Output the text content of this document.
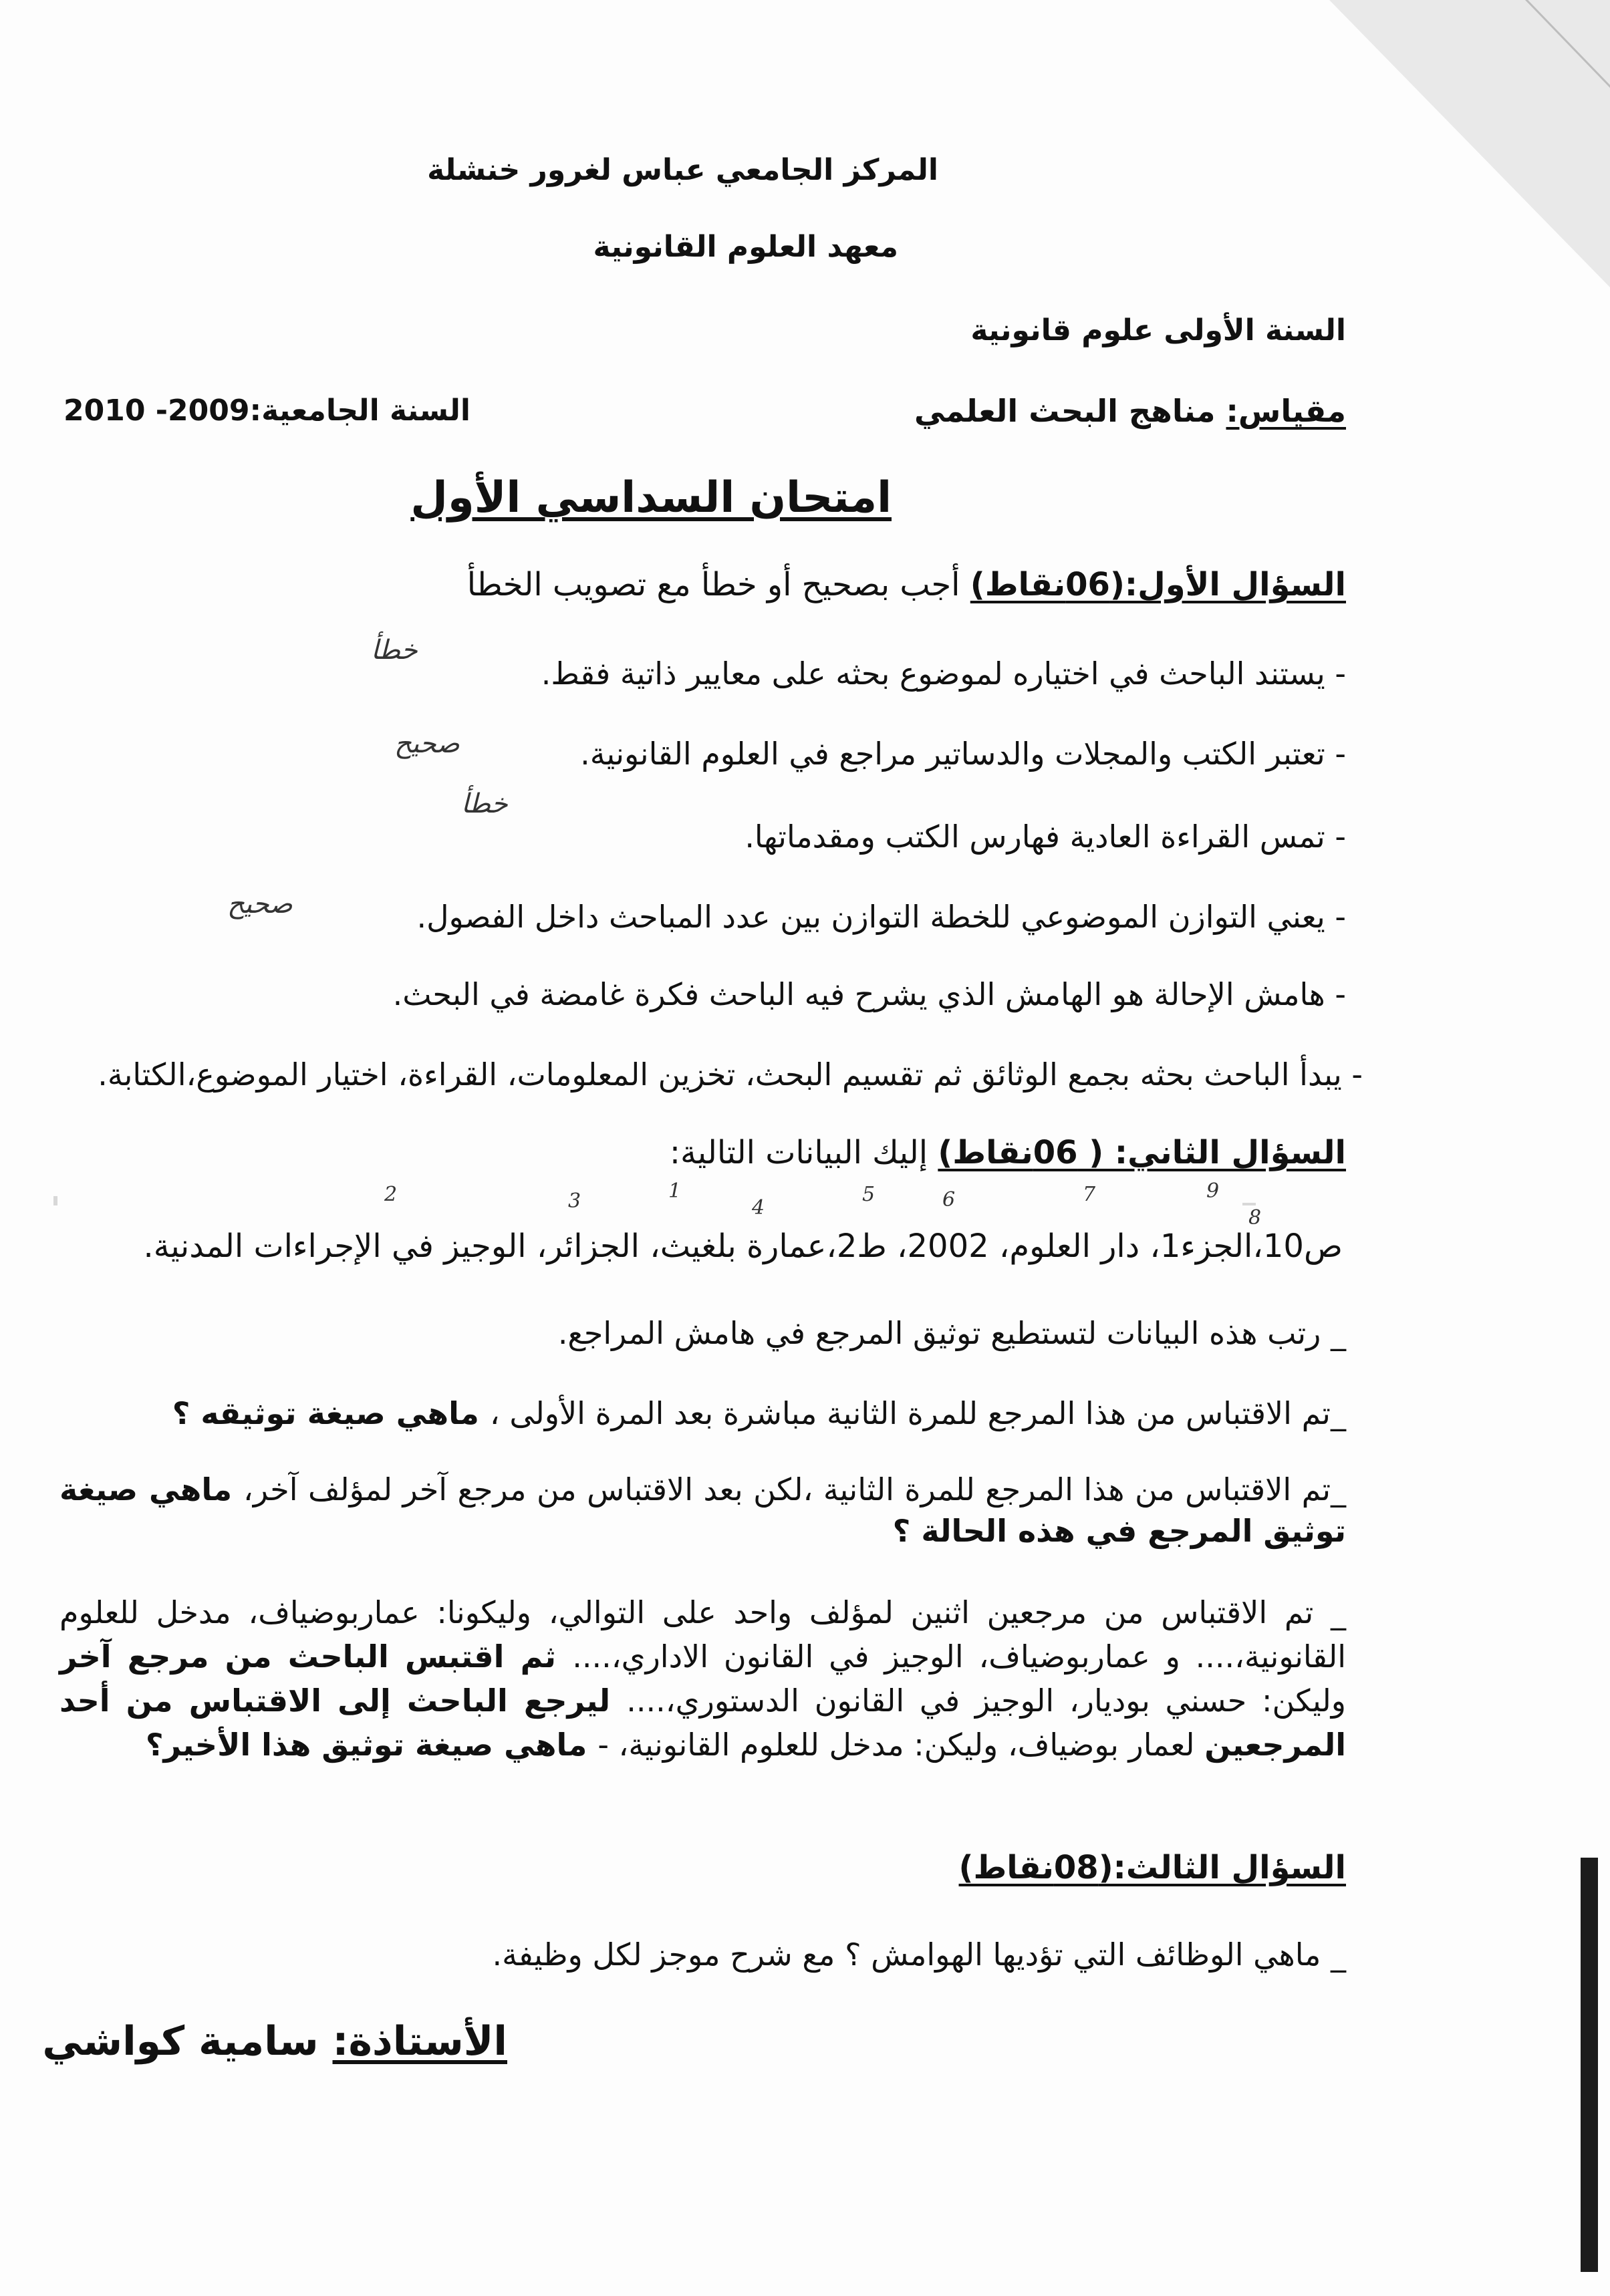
المركز الجامعي عباس لغرور خنشلة
معهد العلوم القانونية
السنة الأولى علوم قانونية
مقياس: مناهج البحث العلمي
السنة الجامعية:2009- 2010
امتحان السداسي الأول
السؤال الأول:(06نقاط) أجب بصحيح أو خطأ مع تصويب الخطأ
- يستند الباحث في اختياره لموضوع بحثه على معايير ذاتية فقط.
خطأ
- تعتبر الكتب والمجلات والدساتير مراجع في العلوم القانونية.
صحيح
- تمس القراءة العادية فهارس الكتب ومقدماتها.
خطأ
- يعني التوازن الموضوعي للخطة التوازن بين عدد المباحث داخل الفصول.
صحيح
- هامش الإحالة هو الهامش الذي يشرح فيه الباحث فكرة غامضة في البحث.
- يبدأ الباحث بحثه بجمع الوثائق ثم تقسيم البحث، تخزين المعلومات، القراءة، اختيار الموضوع،الكتابة.
السؤال الثاني: ( 06نقاط) إليك البيانات التالية:
8
9
7
6
5
4
3
2	1
ص10،الجزء1، دار العلوم، 2002، ط2،عمارة بلغيث، الجزائر، الوجيز في الإجراءات المدنية.
_ رتب هذه البيانات لتستطيع توثيق المرجع في هامش المراجع.
_تم الاقتباس من هذا المرجع للمرة الثانية مباشرة بعد المرة الأولى ، ماهي صيغة توثيقه ؟
_تم الاقتباس من هذا المرجع للمرة الثانية ،لكن بعد الاقتباس من مرجع آخر لمؤلف آخر، ماهي صيغة توثيق المرجع في هذه الحالة ؟
_ تم الاقتباس من مرجعين اثنين لمؤلف واحد على التوالي، وليكونا: عماربوضياف، مدخل للعلوم القانونية،.... و عماربوضياف، الوجيز في القانون الاداري،.... ثم اقتبس الباحث من مرجع آخر وليكن: حسني بوديار، الوجيز في القانون الدستوري،.... ليرجع الباحث إلى الاقتباس من أحد المرجعين لعمار بوضياف، وليكن: مدخل للعلوم القانونية، - ماهي صيغة توثيق هذا الأخير؟
السؤال الثالث:(08نقاط)
_ ماهي الوظائف التي تؤديها الهوامش ؟ مع شرح موجز لكل وظيفة.
الأستاذة: سامية كواشي
